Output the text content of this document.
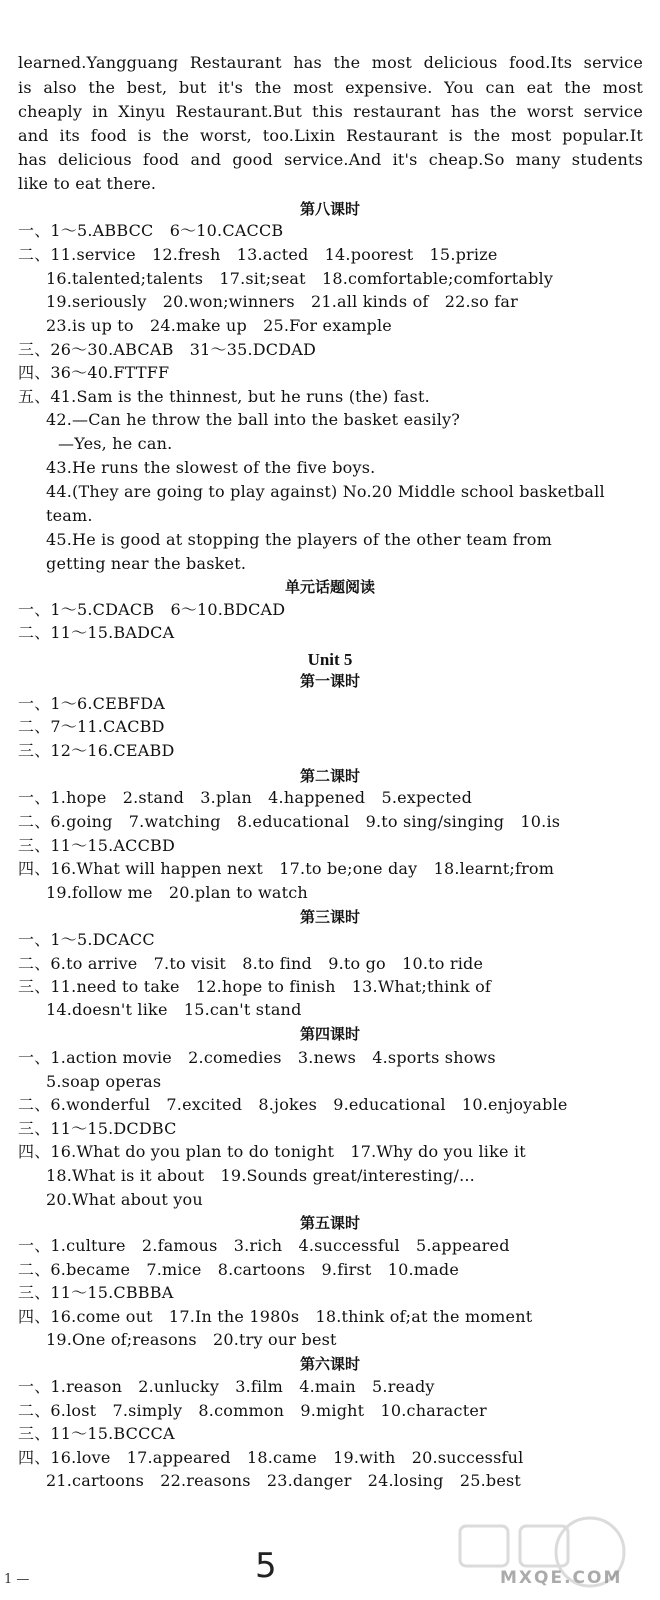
learned.Yangguang Restaurant has the most delicious food.Its service
is also the best, but it's the most expensive. You can eat the most
cheaply in Xinyu Restaurant.But this restaurant has the worst service
and its food is the worst, too.Lixin Restaurant is the most popular.It
has delicious food and good service.And it's cheap.So many students
like to eat there.
第八课时
一、1～5.ABBCC　6～10.CACCB
二、11.service　12.fresh　13.acted　14.poorest　15.prize
16.talented;talents　17.sit;seat　18.comfortable;comfortably
19.seriously　20.won;winners　21.all kinds of　22.so far
23.is up to　24.make up　25.For example
三、26～30.ABCAB　31～35.DCDAD
四、36～40.FTTFF
五、41.Sam is the thinnest, but he runs (the) fast.
42.—Can he throw the ball into the basket easily?
—Yes, he can.
43.He runs the slowest of the five boys.
44.(They are going to play against) No.20 Middle school basketball
team.
45.He is good at stopping the players of the other team from
getting near the basket.
单元话题阅读
一、1～5.CDACB　6～10.BDCAD
二、11～15.BADCA
Unit 5
第一课时
一、1～6.CEBFDA
二、7～11.CACBD
三、12～16.CEABD
第二课时
一、1.hope　2.stand　3.plan　4.happened　5.expected
二、6.going　7.watching　8.educational　9.to sing/singing　10.is
三、11～15.ACCBD
四、16.What will happen next　17.to be;one day　18.learnt;from
19.follow me　20.plan to watch
第三课时
一、1～5.DCACC
二、6.to arrive　7.to visit　8.to find　9.to go　10.to ride
三、11.need to take　12.hope to finish　13.What;think of
14.doesn't like　15.can't stand
第四课时
一、1.action movie　2.comedies　3.news　4.sports shows
5.soap operas
二、6.wonderful　7.excited　8.jokes　9.educational　10.enjoyable
三、11～15.DCDBC
四、16.What do you plan to do tonight　17.Why do you like it
18.What is it about　19.Sounds great/interesting/...
20.What about you
第五课时
一、1.culture　2.famous　3.rich　4.successful　5.appeared
二、6.became　7.mice　8.cartoons　9.first　10.made
三、11～15.CBBBA
四、16.come out　17.In the 1980s　18.think of;at the moment
19.One of;reasons　20.try our best
第六课时
一、1.reason　2.unlucky　3.film　4.main　5.ready
二、6.lost　7.simply　8.common　9.might　10.character
三、11～15.BCCCA
四、16.love　17.appeared　18.came　19.with　20.successful
21.cartoons　22.reasons　23.danger　24.losing　25.best
1 —	5	MXQE.COM
